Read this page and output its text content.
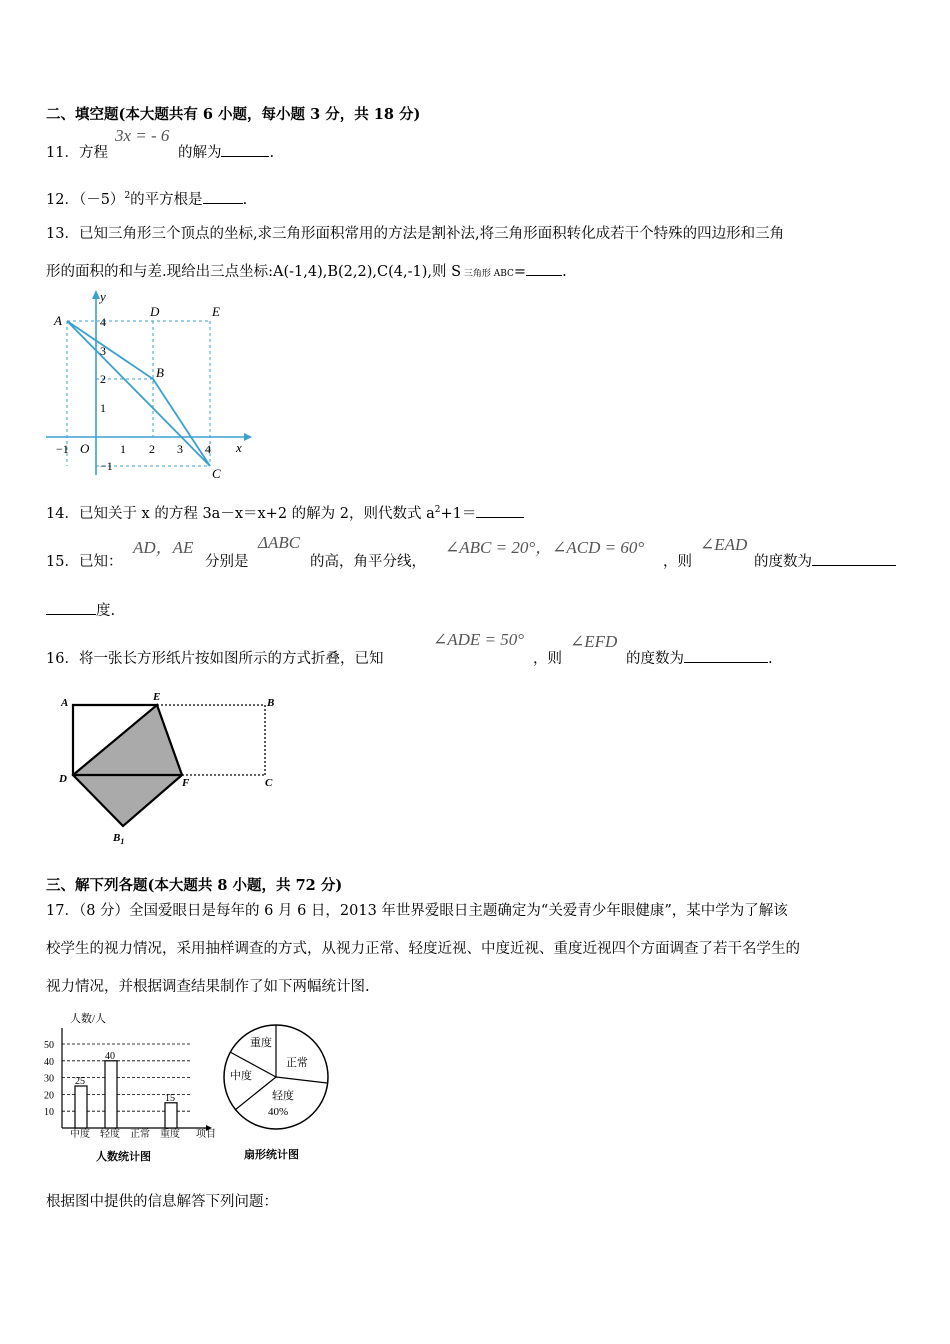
二、填空题(本大题共有 6 小题，每小题 3 分，共 18 分)
11．方程	的解为	.
3x = - 6
12．$(-5)^2$的平方根是	.
13．已知三角形三个顶点的坐标,求三角形面积常用的方法是割补法,将三角形面积转化成若干个特殊的四边形和三角
形的面积的和与差.现给出三点坐标:A(-1,4),B(2,2),C(4,-1),则 S 三角形 ABC= .
A
B
C
D	E
O	x
y
−1	1 2 3 4
4
3
2
1
−1
14．已知关于 x 的方程 3a－x＝x+2 的解为 2，则代数式 $a^2+1=$
15．已知：
AD，AE
分别是
ΔABC
的高，角平分线，
∠ABC = 20°，∠ACD = 60°
，则
∠EAD
的度数为
度.
16．将一张长方形纸片按如图所示的方式折叠，已知
∠ADE = 50°
，则
∠EFD
的度数为	.
A	E	B
D	F	C
$B_1$
三、解下列各题(本大题共 8 小题，共 72 分)
17．（8 分）全国爱眼日是每年的 6 月 6 日，2013 年世界爱眼日主题确定为“关爱青少年眼健康”，某中学为了解该
校学生的视力情况，采用抽样调查的方式，从视力正常、轻度近视、中度近视、重度近视四个方面调查了若干名学生的
视力情况，并根据调查结果制作了如下两幅统计图.
人数/人
10
20
30
40
50
25
40
15
中度 轻度 正常 重度 项目
人数统计图
重度
正常
中度
轻度
40%
扇形统计图
根据图中提供的信息解答下列问题：
